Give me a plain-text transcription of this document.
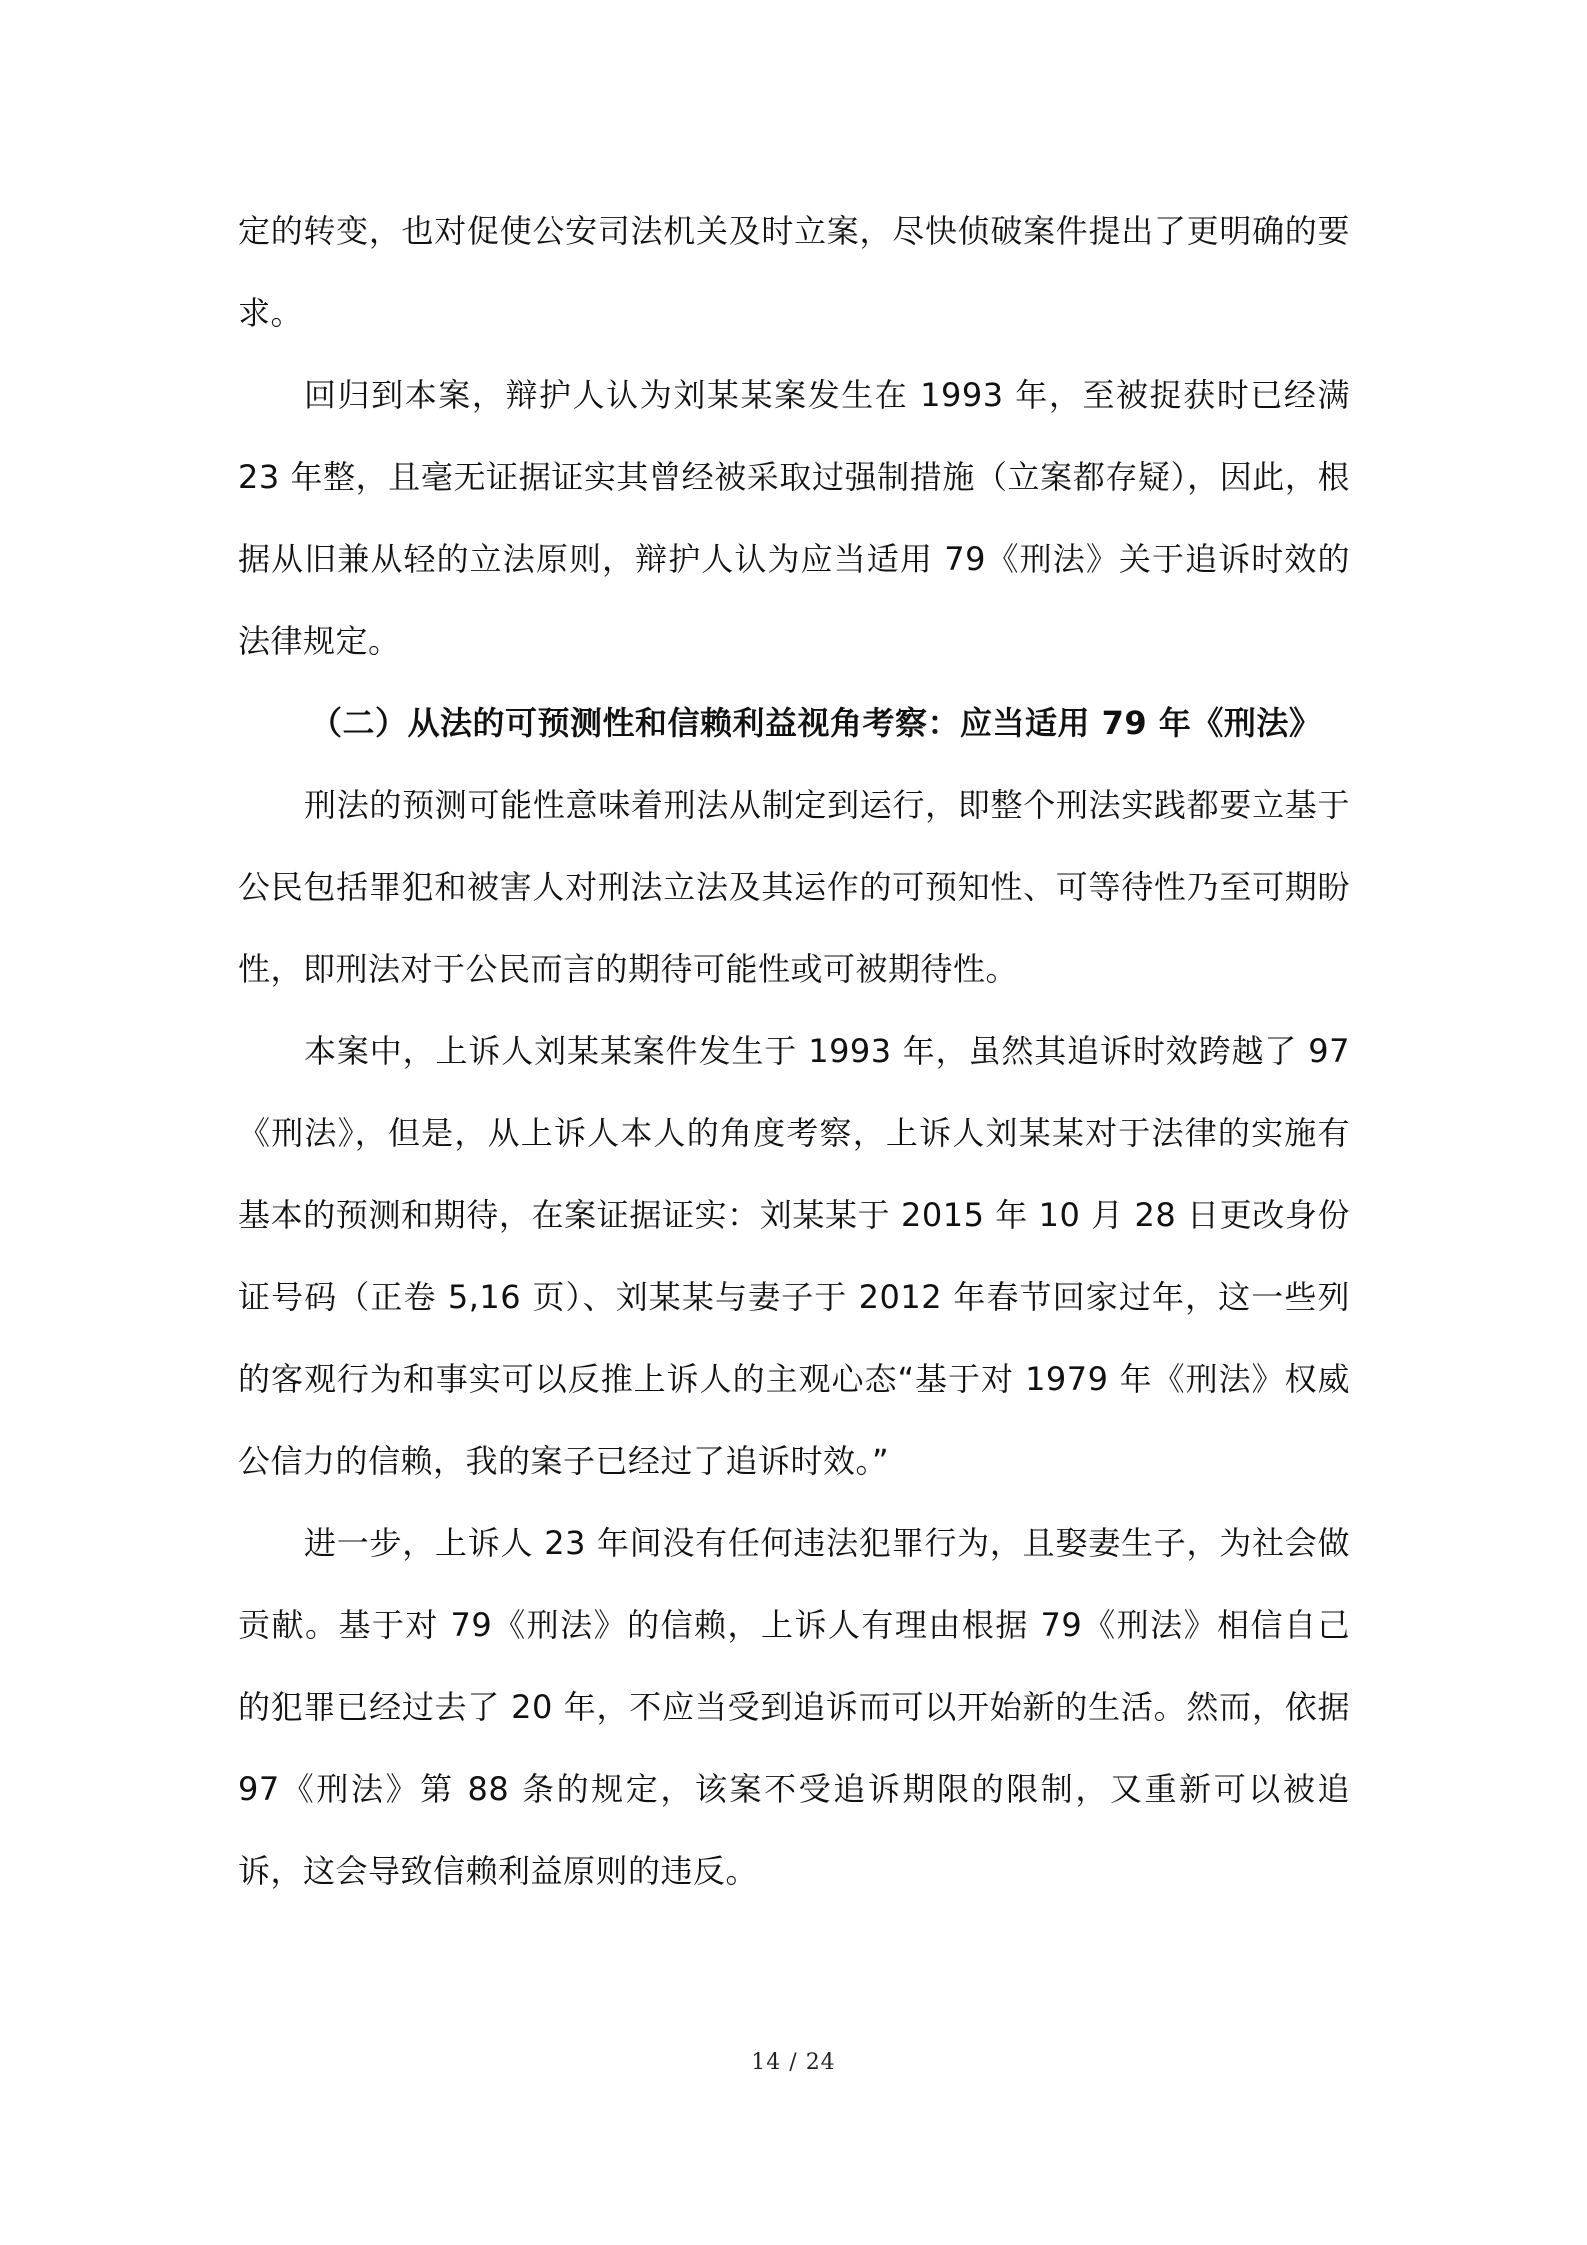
定的转变，也对促使公安司法机关及时立案，尽快侦破案件提出了更明确的要求。

回归到本案，辩护人认为刘某某案发生在 1993 年，至被捉获时已经满 23 年整，且毫无证据证实其曾经被采取过强制措施（立案都存疑），因此，根据从旧兼从轻的立法原则，辩护人认为应当适用 79《刑法》关于追诉时效的法律规定。

（二）从法的可预测性和信赖利益视角考察：应当适用 79 年《刑法》

刑法的预测可能性意味着刑法从制定到运行，即整个刑法实践都要立基于公民包括罪犯和被害人对刑法立法及其运作的可预知性、可等待性乃至可期盼性，即刑法对于公民而言的期待可能性或可被期待性。

本案中，上诉人刘某某案件发生于 1993 年，虽然其追诉时效跨越了 97《刑法》，但是，从上诉人本人的角度考察，上诉人刘某某对于法律的实施有基本的预测和期待，在案证据证实：刘某某于 2015 年 10 月 28 日更改身份证号码（正卷 5,16 页）、刘某某与妻子于 2012 年春节回家过年，这一些列的客观行为和事实可以反推上诉人的主观心态“基于对 1979 年《刑法》权威公信力的信赖，我的案子已经过了追诉时效。”

进一步，上诉人 23 年间没有任何违法犯罪行为，且娶妻生子，为社会做贡献。基于对 79《刑法》的信赖，上诉人有理由根据 79《刑法》相信自己的犯罪已经过去了 20 年，不应当受到追诉而可以开始新的生活。然而，依据 97《刑法》第 88 条的规定，该案不受追诉期限的限制，又重新可以被追诉，这会导致信赖利益原则的违反。

14 / 24
